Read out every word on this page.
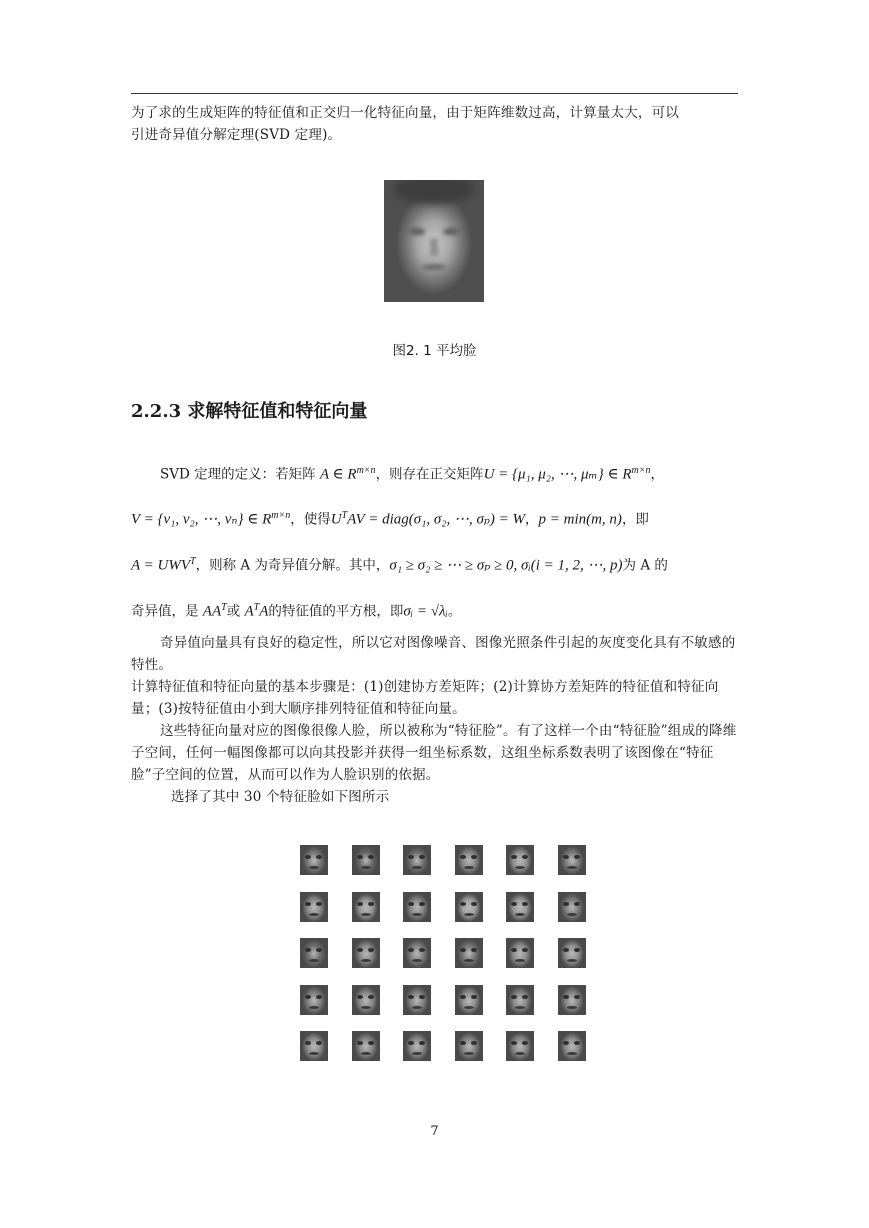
为了求的生成矩阵的特征值和正交归一化特征向量，由于矩阵维数过高，计算量太大，可以
引进奇异值分解定理(SVD 定理)。

图2. 1 平均脸
2.2.3 求解特征值和特征向量
SVD 定理的定义：若矩阵 A ∈ $R^{m\times n}$，则存在正交矩阵U = {μ₁, μ₂, ⋯, μₘ} ∈ $R^{m\times n}$，
V = {v₁, v₂, ⋯, vₙ} ∈ $R^{m\times n}$，使得$U^TAV$ = diag(σ₁, σ₂, ⋯, σₚ) = W，p = min(m, n)，即
$A = UWV^T$，则称 A 为奇异值分解。其中，σ₁ ≥ σ₂ ≥ ⋯ ≥ σₚ ≥ 0, σᵢ(i = 1, 2, ⋯, p)为 A 的
奇异值，是 $AA^T$或 $A^TA$的特征值的平方根，即σᵢ = √λᵢ。

奇异值向量具有良好的稳定性，所以它对图像噪音、图像光照条件引起的灰度变化具有不敏感的特性。

计算特征值和特征向量的基本步骤是：(1)创建协方差矩阵；(2)计算协方差矩阵的特征值和特征向量；(3)按特征值由小到大顺序排列特征值和特征向量。

这些特征向量对应的图像很像人脸，所以被称为“特征脸”。有了这样一个由“特征脸”组成的降维子空间，任何一幅图像都可以向其投影并获得一组坐标系数，这组坐标系数表明了该图像在“特征脸”子空间的位置，从而可以作为人脸识别的依据。

选择了其中 30 个特征脸如下图所示

7
